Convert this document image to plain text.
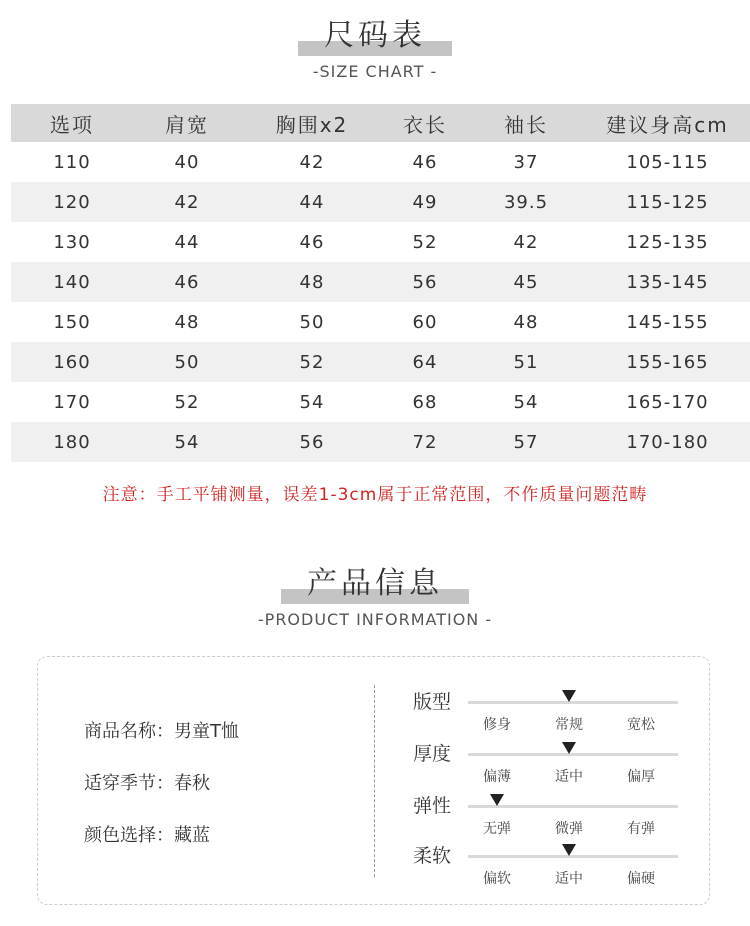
尺码表
-SIZE CHART -
选项	肩宽	胸围x2	衣长	袖长	建议身高cm
110	40	42	46	37	105-115
120	42	44	49	39.5	115-125
130	44	46	52	42	125-135
140	46	48	56	45	135-145
150	48	50	60	48	145-155
160	50	52	64	51	155-165
170	52	54	68	54	165-170
180	54	56	72	57	170-180
注意：手工平铺测量，误差1-3cm属于正常范围，不作质量问题范畴
产品信息
-PRODUCT INFORMATION -
商品名称：男童T恤
适穿季节：春秋
颜色选择：藏蓝
版型
修身	常规	宽松
厚度
偏薄	适中	偏厚
弹性
无弹	微弹	有弹
柔软
偏软	适中	偏硬
